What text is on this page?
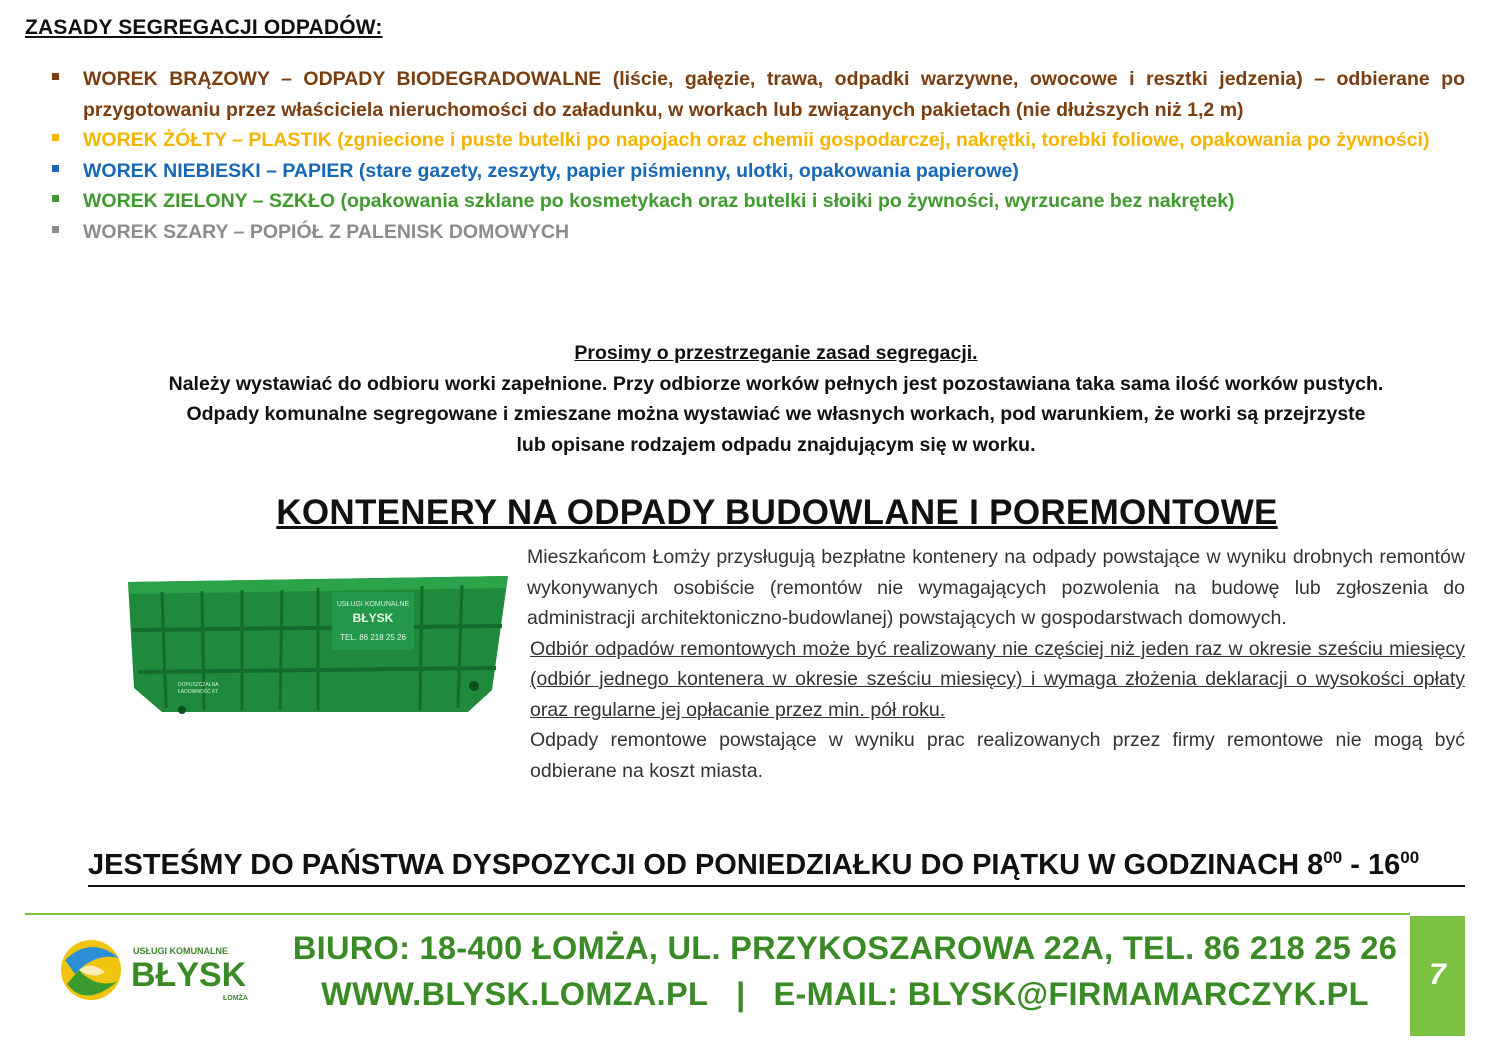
ZASADY SEGREGACJI ODPADÓW:
WOREK BRĄZOWY – ODPADY BIODEGRADOWALNE (liście, gałęzie, trawa, odpadki warzywne, owocowe i resztki jedzenia) – odbierane po przygotowaniu przez właściciela nieruchomości do załadunku, w workach lub związanych pakietach (nie dłuższych niż 1,2 m)
WOREK ŻÓŁTY – PLASTIK (zgniecione i puste butelki po napojach oraz chemii gospodarczej, nakrętki, torebki foliowe, opakowania po żywności)
WOREK NIEBIESKI – PAPIER (stare gazety, zeszyty, papier piśmienny, ulotki, opakowania papierowe)
WOREK ZIELONY – SZKŁO (opakowania szklane po kosmetykach oraz butelki i słoiki po żywności, wyrzucane bez nakrętek)
WOREK SZARY – POPIÓŁ Z PALENISK DOMOWYCH
Prosimy o przestrzeganie zasad segregacji.
Należy wystawiać do odbioru worki zapełnione. Przy odbiorze worków pełnych jest pozostawiana taka sama ilość worków pustych.
Odpady komunalne segregowane i zmieszane można wystawiać we własnych workach, pod warunkiem, że worki są przejrzyste
lub opisane rodzajem odpadu znajdującym się w worku.
KONTENERY NA ODPADY BUDOWLANE I POREMONTOWE
USŁUGI KOMUNALNE
BŁYSK
TEL. 86 218 25 26
DOPUSZCZALNA
ŁADOWNOŚĆ 6T

Mieszkańcom Łomży przysługują bezpłatne kontenery na odpady powstające w wyniku drobnych remontów wykonywanych osobiście (remontów nie wymagających pozwolenia na budowę lub zgłoszenia do administracji architektoniczno-budowlanej) powstających w gospodarstwach domowych.

Odbiór odpadów remontowych może być realizowany nie częściej niż jeden raz w okresie sześciu miesięcy (odbiór jednego kontenera w okresie sześciu miesięcy) i wymaga złożenia deklaracji o wysokości opłaty oraz regularne jej opłacanie przez min. pół roku.

Odpady remontowe powstające w wyniku prac realizowanych przez firmy remontowe nie mogą być odbierane na koszt miasta.

JESTEŚMY DO PAŃSTWA DYSPOZYCJI OD PONIEDZIAŁKU DO PIĄTKU W GODZINACH $8^{00} - 16^{00}$
7
USŁUGI KOMUNALNE
BŁYSK
ŁOMŻA
BIURO: 18-400 ŁOMŻA, UL. PRZYKOSZAROWA 22A, TEL. 86 218 25 26
WWW.BLYSK.LOMZA.PL | E-MAIL: BLYSK@FIRMAMARCZYK.PL
